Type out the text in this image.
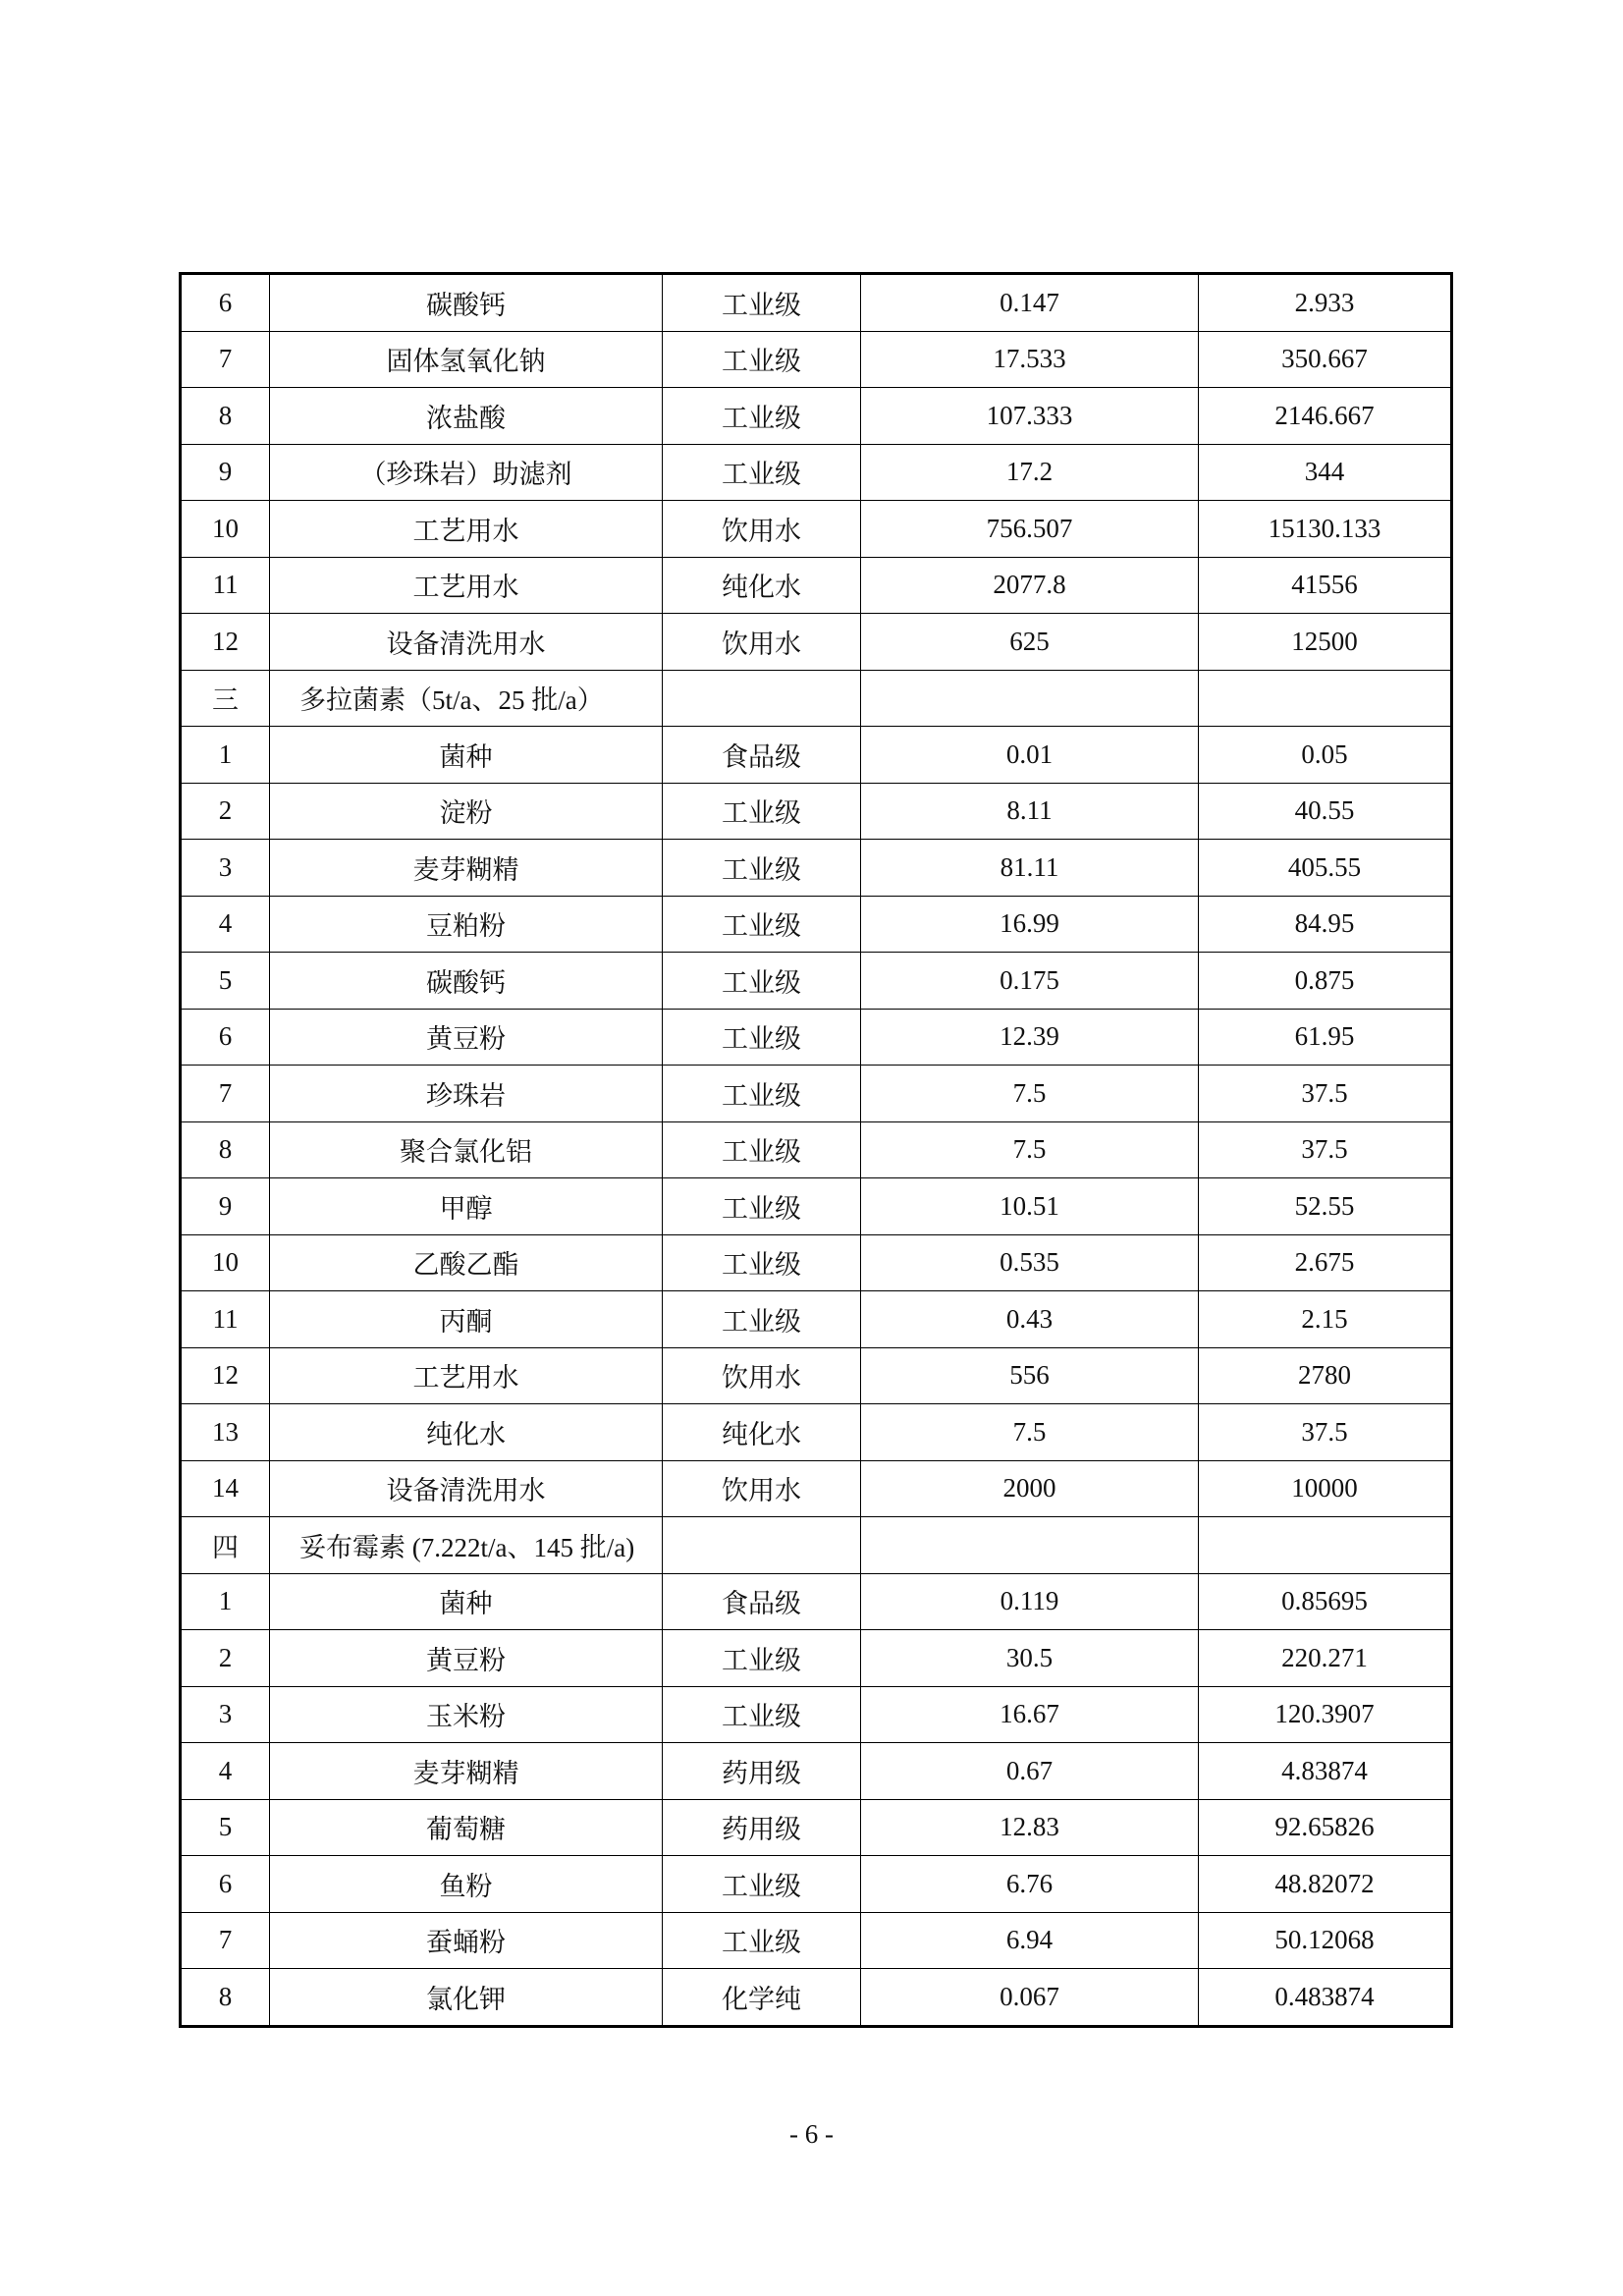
6	碳酸钙	工业级	0.147	2.933
7	固体氢氧化钠	工业级	17.533	350.667
8	浓盐酸	工业级	107.333	2146.667
9	（珍珠岩）助滤剂	工业级	17.2	344
10	工艺用水	饮用水	756.507	15130.133
11	工艺用水	纯化水	2077.8	41556
12	设备清洗用水	饮用水	625	12500
三	多拉菌素（5t/a、25 批/a）			
1	菌种	食品级	0.01	0.05
2	淀粉	工业级	8.11	40.55
3	麦芽糊精	工业级	81.11	405.55
4	豆粕粉	工业级	16.99	84.95
5	碳酸钙	工业级	0.175	0.875
6	黄豆粉	工业级	12.39	61.95
7	珍珠岩	工业级	7.5	37.5
8	聚合氯化铝	工业级	7.5	37.5
9	甲醇	工业级	10.51	52.55
10	乙酸乙酯	工业级	0.535	2.675
11	丙酮	工业级	0.43	2.15
12	工艺用水	饮用水	556	2780
13	纯化水	纯化水	7.5	37.5
14	设备清洗用水	饮用水	2000	10000
四	妥布霉素 (7.222t/a、145 批/a)			
1	菌种	食品级	0.119	0.85695
2	黄豆粉	工业级	30.5	220.271
3	玉米粉	工业级	16.67	120.3907
4	麦芽糊精	药用级	0.67	4.83874
5	葡萄糖	药用级	12.83	92.65826
6	鱼粉	工业级	6.76	48.82072
7	蚕蛹粉	工业级	6.94	50.12068
8	氯化钾	化学纯	0.067	0.483874
- 6 -
